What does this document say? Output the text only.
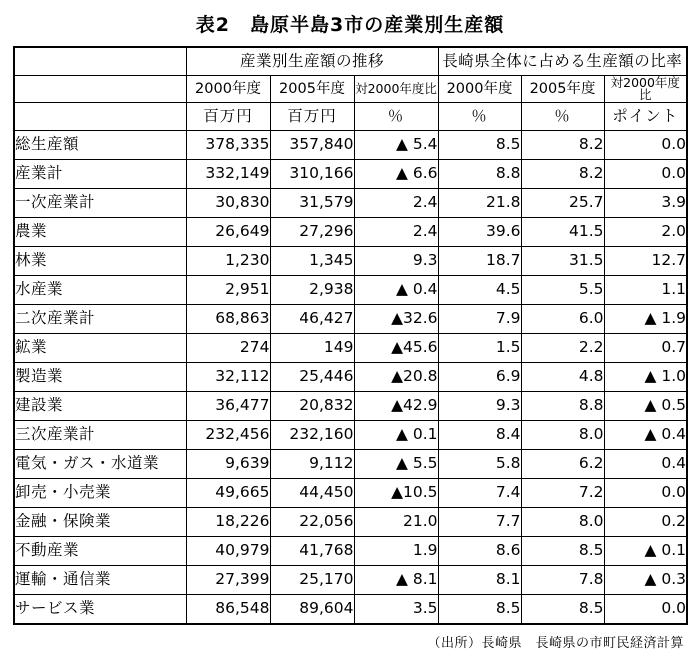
表2　島原半島3市の産業別生産額
	産業別生産額の推移			長崎県全体に占める生産額の比率		
	2000年度	2005年度	対2000年度比	2000年度	2005年度	対2000年度比
	百万円	百万円	％	％	％	ポイント
総生産額	378,335	357,840	▲ 5.4	8.5	8.2	0.0
産業計	332,149	310,166	▲ 6.6	8.8	8.2	0.0
一次産業計	30,830	31,579	2.4	21.8	25.7	3.9
農業	26,649	27,296	2.4	39.6	41.5	2.0
林業	1,230	1,345	9.3	18.7	31.5	12.7
水産業	2,951	2,938	▲ 0.4	4.5	5.5	1.1
二次産業計	68,863	46,427	▲32.6	7.9	6.0	▲ 1.9
鉱業	274	149	▲45.6	1.5	2.2	0.7
製造業	32,112	25,446	▲20.8	6.9	4.8	▲ 1.0
建設業	36,477	20,832	▲42.9	9.3	8.8	▲ 0.5
三次産業計	232,456	232,160	▲ 0.1	8.4	8.0	▲ 0.4
電気・ガス・水道業	9,639	9,112	▲ 5.5	5.8	6.2	0.4
卸売・小売業	49,665	44,450	▲10.5	7.4	7.2	0.0
金融・保険業	18,226	22,056	21.0	7.7	8.0	0.2
不動産業	40,979	41,768	1.9	8.6	8.5	▲ 0.1
運輸・通信業	27,399	25,170	▲ 8.1	8.1	7.8	▲ 0.3
サービス業	86,548	89,604	3.5	8.5	8.5	0.0
（出所）長崎県　長崎県の市町民経済計算
